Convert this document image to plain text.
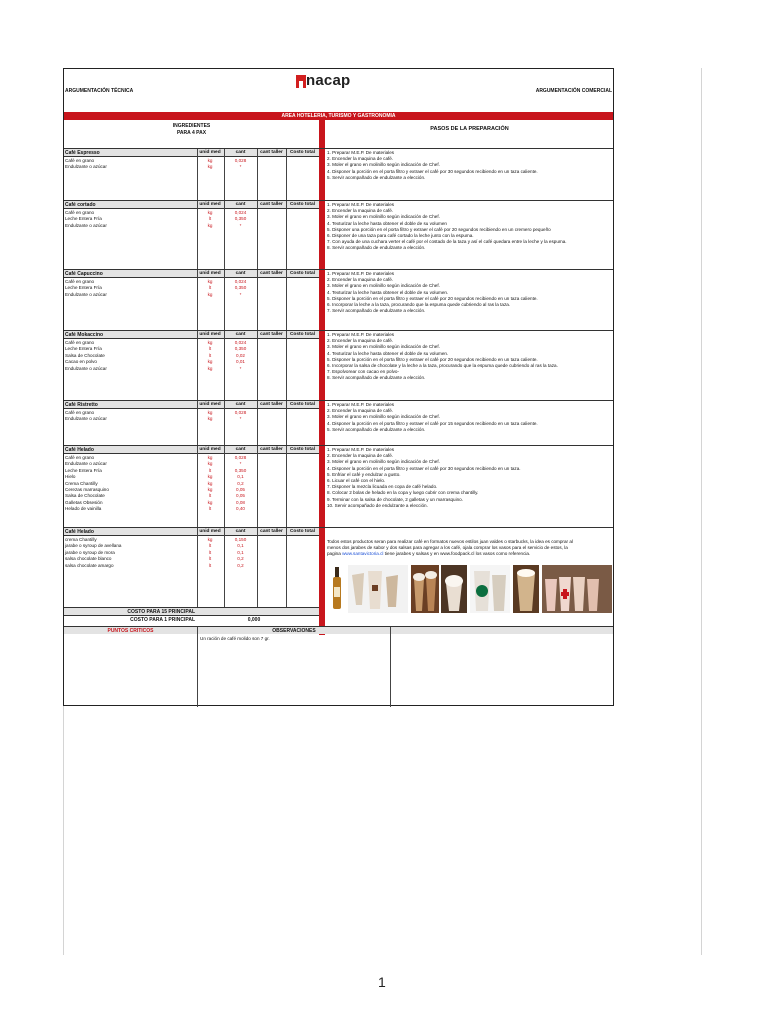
ARGUMENTACIÓN TÉCNICA
nacap
ARGUMENTACIÓN COMERCIAL
AREA HOTELERIA, TURISMO Y GASTRONOMIA
INGREDIENTES
PARA 4 PAX
PASOS DE LA PREPARACIÓN
Café Espresso	unid med	cant	cant taller	Costo total
Café en grano	kg	0,028
Endulzante o azúcar	kg	*
1. Preparar M.E.P. De materiales
2. Encender la maquina de café.
3. Moler el grano en molinillo según indicación de Chef.
4. Disponer la porción en el porta filtro y extraer el café por 30 segundos recibiendo en un taza caliente.
5. Servir acompañado de endulzante a elección.
Café cortado	unid med	cant	cant taller	Costo total
Café en grano	kg	0,024
Leche Entera Fría	lt	0,350
Endulzante o azúcar	kg	*
1. Preparar M.E.P. De materiales
2. Encender la maquina de café.
3. Moler el grano en molinillo según indicación de Chef.
4. Texturizar la leche hasta obtener el doble de su volumen
5. Disponer una porción en el porta filtro y extraer el café por 20 segundos recibiendo en un cremero pequeño
6. Disponer de una taza para café cortado la leche junto con la espuma.
7. Con ayuda de una cuchara verter el café por el costado de la taza y así el café quedara entre la leche y la espuma.
8. Servir acompañado de endulzante a elección.
Café Capuccino	unid med	cant	cant taller	Costo total
Café en grano	kg	0,024
Leche Entera Fría	lt	0,350
Endulzante o azúcar	kg	*
1. Preparar M.E.P. De materiales
2. Encender la maquina de café.
3. Moler el grano en molinillo según indicación de Chef.
4. Texturizar la leche hasta obtener el doble de su volumen.
5. Disponer la porción en el porta filtro y extraer el café por 20 segundos recibiendo en un taza caliente.
6. Incorporar la leche a la taza, procurando que la espuma quede cubriendo al ras la taza.
7. Servir acompañado de endulzante a elección.
Café Mokaccino	unid med	cant	cant taller	Costo total
Café en grano	kg	0,024
Leche Entera Fría	lt	0,350
Salsa de Chocolate	lt	0,02
Cacao en polvo	kg	0,01
Endulzante o azúcar	kg	*
1. Preparar M.E.P. De materiales
2. Encender la maquina de café.
3. Moler el grano en molinillo según indicación de Chef.
4. Texturizar la leche hasta obtener el doble de su volumen.
5. Disponer la porción en el porta filtro y extraer el café por 20 segundos recibiendo en un taza caliente.
6. Incorporar la salsa de chocolate y la leche a la taza, procurando que la espuma quede cubriendo al ras la taza.
7. Espolvorear con cacao en polvo-
8. Servir acompañado de endulzante a elección.
Café Ristretto	unid med	cant	cant taller	Costo total
Café en grano	kg	0,028
Endulzante o azúcar	kg	*
1. Preparar M.E.P. De materiales
2. Encender la maquina de café.
3. Moler el grano en molinillo según indicación de Chef.
4. Disponer la porción en el porta filtro y extraer el café por 15 segundos recibiendo en un taza caliente.
5. Servir acompañado de endulzante a elección.
Café Helado	unid med	cant	cant taller	Costo total
Café en grano	kg	0,028
Endulzante o azúcar	kg	*
Leche Entera Fría	lt	0,350
Hielo	kg	0,1
Crema Chantilly	kg	0,2
Cerezas marrasquino	kg	0,05
Salsa de Chocolate	lt	0,05
Galletas Obsesión	kg	0,08
Helado de vainilla	lt	0,40
1. Preparar M.E.P. De materiales
2. Encender la maquina de café.
3. Moler el grano en molinillo según indicación de Chef.
4. Disponer la porción en el porta filtro y extraer el café por 30 segundos recibiendo en un taza.
5. Enfriar el café y endulzar a gusto.
6. Licuar el café con el hielo.
7. Disponer la mezcla licuada en copa de café helado.
8. Colocar 2 bolas de helado en la copa y luego cubrir con crema chantilly.
9. Terminar con la salsa de chocolate, 2 galletas y un marrasquino.
10. Servir acompañado de endulzante a elección.
Café Helado	unid med	cant	cant taller	Costo total
crema Chantilly	kg	0,150
jarabe o syroup de avellana	lt	0,1
jarabe o syroup de mora	lt	0,1
salsa chocolate blanco	lt	0,2
salsa chocolate amargo	lt	0,2
Todos estos productos seran para realizar café en formatos nuevos estilos juan valdes o starbucks, la idea es comprar al
menos dos jarabes de sabor y dos salsas para agregar a los café, ojala comprar los vasos para el servicio de estos, la
pagina www.santavictoria.cl tiene jarabes y salsas y en www.foodpack.cl los vasos como referencia.
COSTO PARA 15 PRINCIPAL
COSTO PARA 1 PRINCIPAL	0,000
PUNTOS CRITICOS	OBSERVACIONES
Un ración de café molido son 7 gr.
1
